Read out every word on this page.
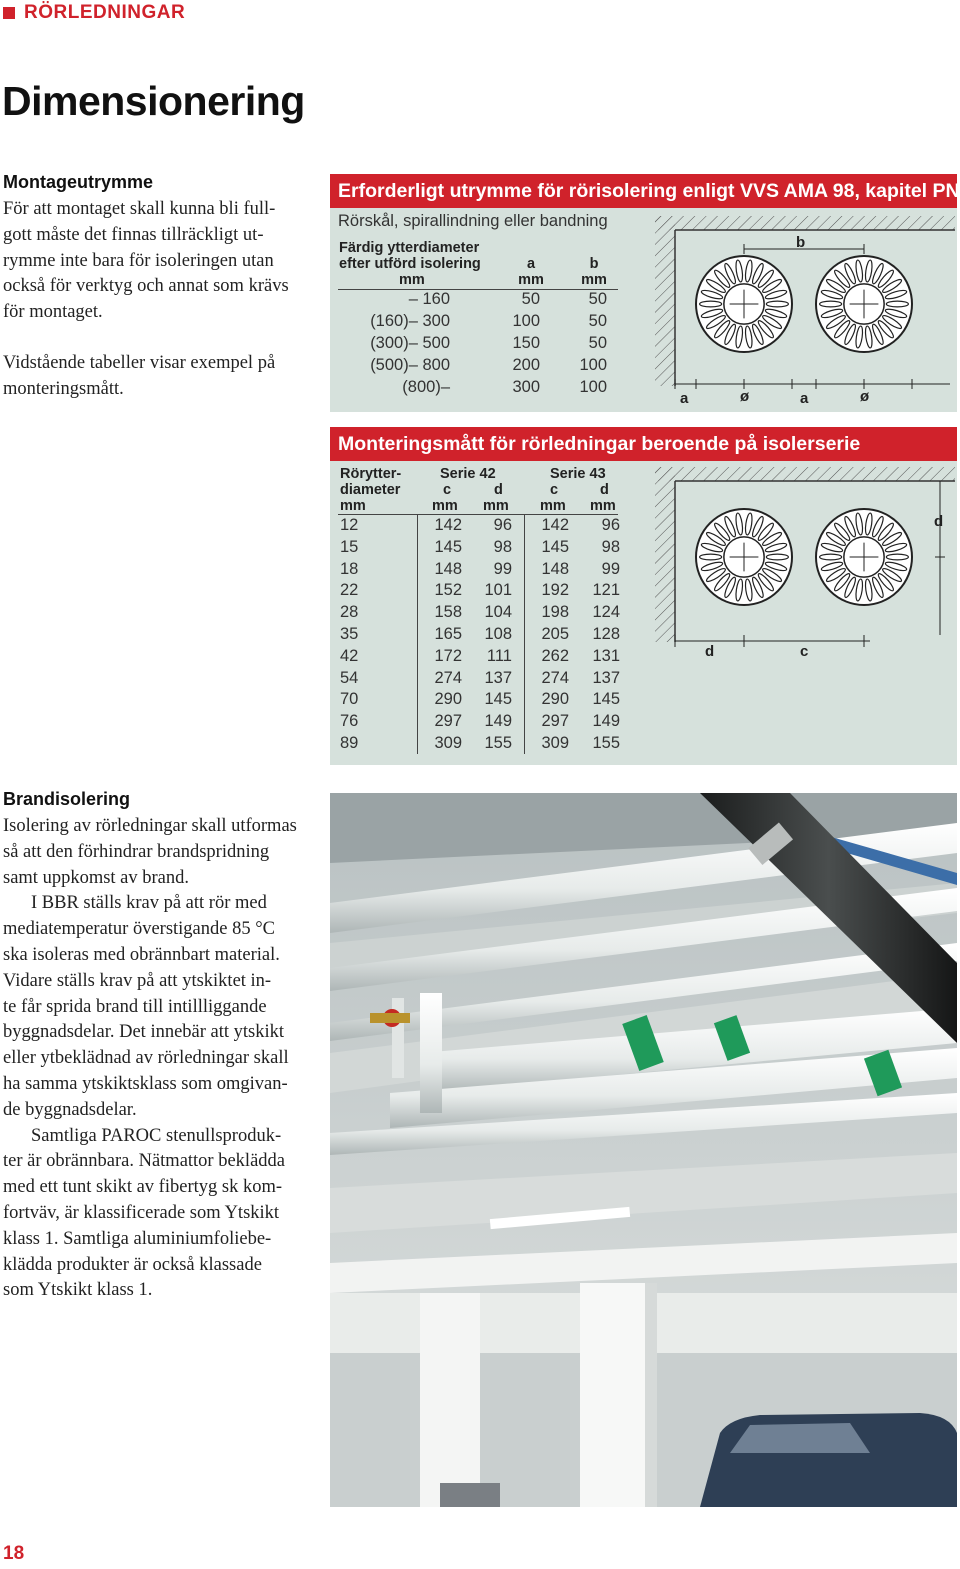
RÖRLEDNINGAR
Dimensionering
Montageutrymme

För att montaget skall kunna bli full-

gott måste det finnas tillräckligt ut-

rymme inte bara för isoleringen utan

också för verktyg och annat som krävs

för montaget.

Vidstående tabeller visar exempel på

monteringsmått.

Erforderligt utrymme för rörisolering enligt VVS AMA 98, kapitel PN
Rörskål, spirallindning eller bandning
Färdig ytterdiameter
efter utförd isolering
mm
a
mm
b
mm
– 160	50	50
(160)– 300	100	50
(300)– 500	150	50
(500)– 800	200	100
(800)–	300	100
b
a	ø	a	ø
Monteringsmått för rörledningar beroende på isolerserie
Rörytter-
diameter
mm
Serie 42	Serie 43
c	d	c	d
mm mm mm mm
12	142	96	142	96
15	145	98	145	98
18	148	99	148	99
22	152 101	192 121
28	158 104	198 124
35	165 108	205 128
42	172	111	262 131
54	274 137	274 137
70	290 145	290 145
76	297 149	297 149
89	309 155	309 155
d
d	c
Brandisolering

Isolering av rörledningar skall utformas

så att den förhindrar brandspridning

samt uppkomst av brand.

I BBR ställs krav på att rör med

mediatemperatur överstigande 85 °C

ska isoleras med obrännbart material.

Vidare ställs krav på att ytskiktet in-

te får sprida brand till intillliggande

byggnadsdelar. Det innebär att ytskikt

eller ytbeklädnad av rörledningar skall

ha samma ytskiktsklass som omgivan-

de byggnadsdelar.

Samtliga PAROC stenullsproduk-

ter är obrännbara. Nätmattor beklädda

med ett tunt skikt av fibertyg sk kom-

fortväv, är klassificerade som Ytskikt

klass 1. Samtliga aluminiumfoliebe-

klädda produkter är också klassade

som Ytskikt klass 1.

18
